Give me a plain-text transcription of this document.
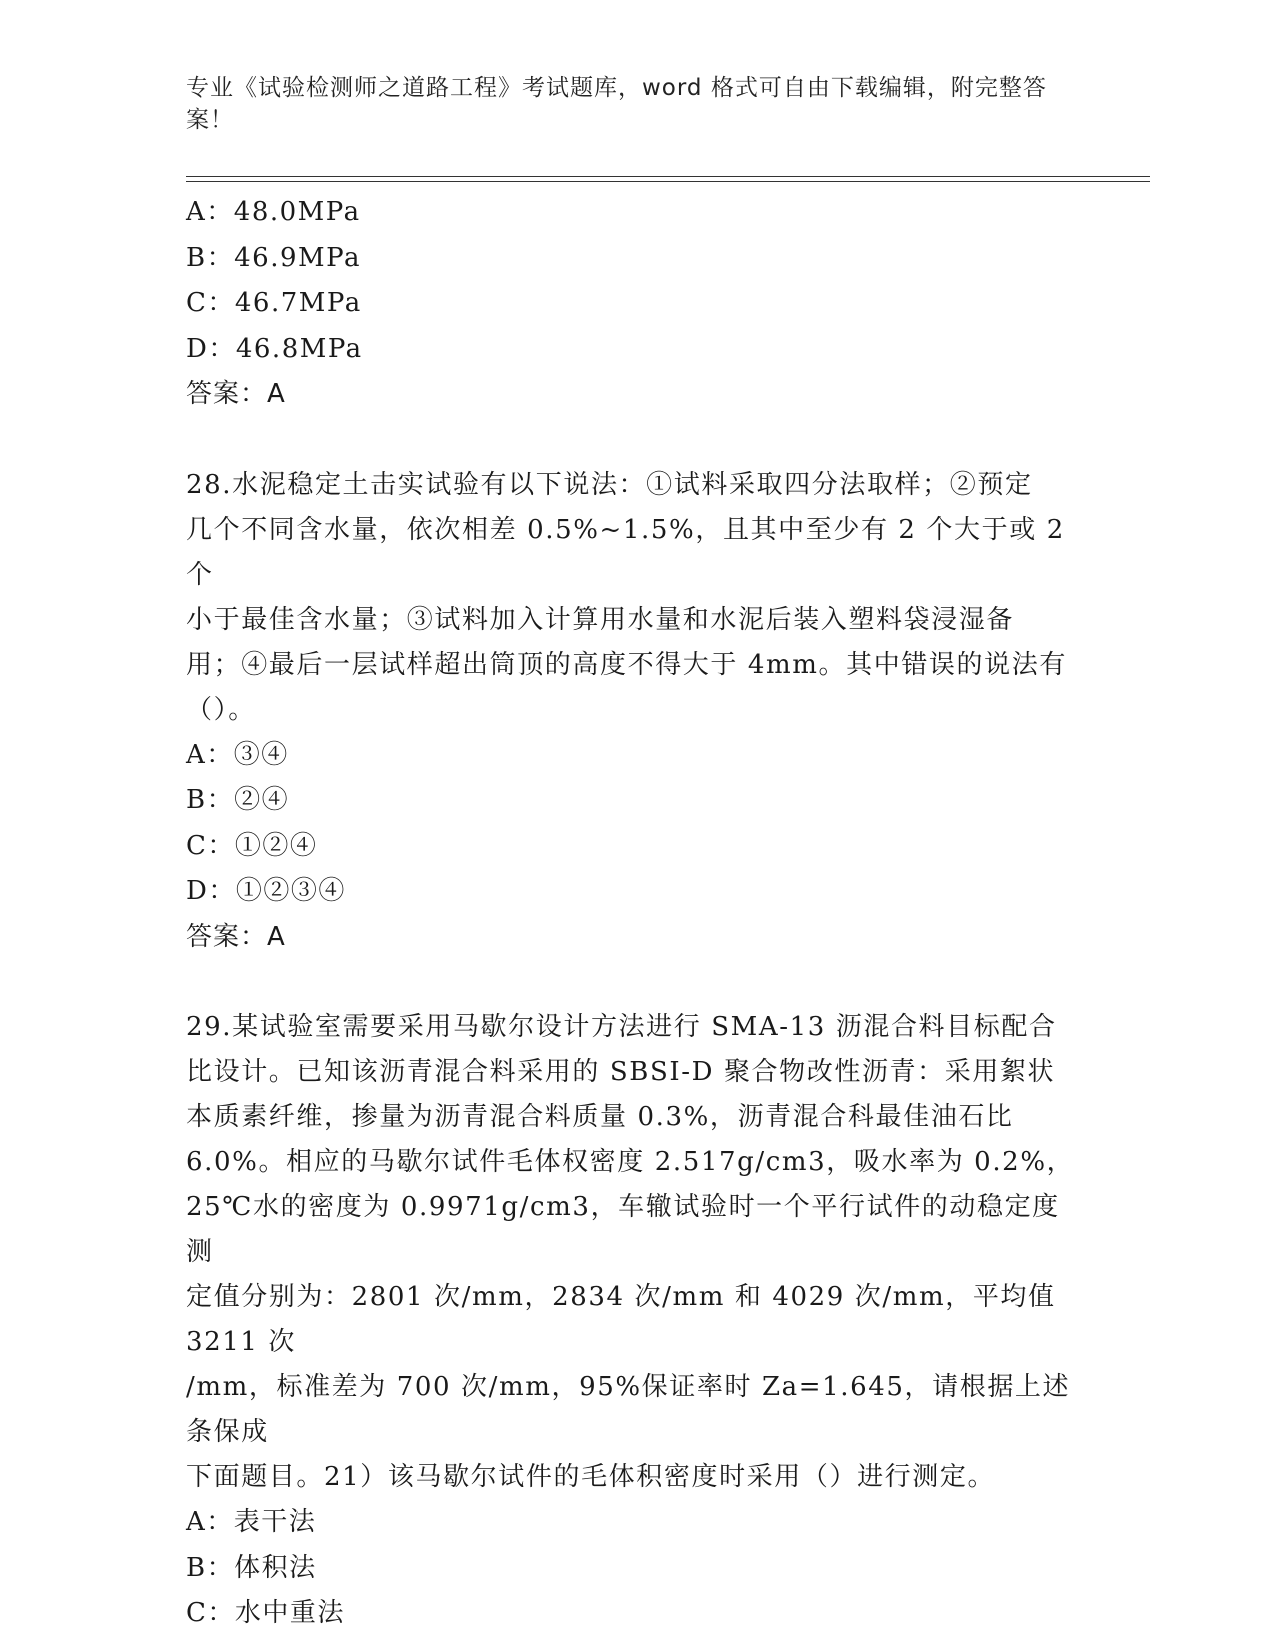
专业《试验检测师之道路工程》考试题库，word 格式可自由下载编辑，附完整答
案！
A：48.0MPa
B：46.9MPa
C：46.7MPa
D：46.8MPa
答案：A
28.水泥稳定土击实试验有以下说法：①试料采取四分法取样；②预定
几个不同含水量，依次相差 0.5%~1.5%，且其中至少有 2 个大于或 2 个
小于最佳含水量；③试料加入计算用水量和水泥后装入塑料袋浸湿备
用；④最后一层试样超出筒顶的高度不得大于 4mm。其中错误的说法有
（）。
A：③④
B：②④
C：①②④
D：①②③④
答案：A
29.某试验室需要采用马歇尔设计方法进行 SMA-13 沥混合料目标配合
比设计。已知该沥青混合料采用的 SBSI-D 聚合物改性沥青：采用絮状
本质素纤维，掺量为沥青混合料质量 0.3%，沥青混合科最佳油石比
6.0%。相应的马歇尔试件毛体权密度 2.517g/cm3，吸水率为 0.2%，
25℃水的密度为 0.9971g/cm3，车辙试验时一个平行试件的动稳定度测
定值分别为：2801 次/mm，2834 次/mm 和 4029 次/mm，平均值 3211 次
/mm，标准差为 700 次/mm，95%保证率时 Za=1.645，请根据上述条保成
下面题目。21）该马歇尔试件的毛体积密度时采用（）进行测定。
A：表干法
B：体积法
C：水中重法
